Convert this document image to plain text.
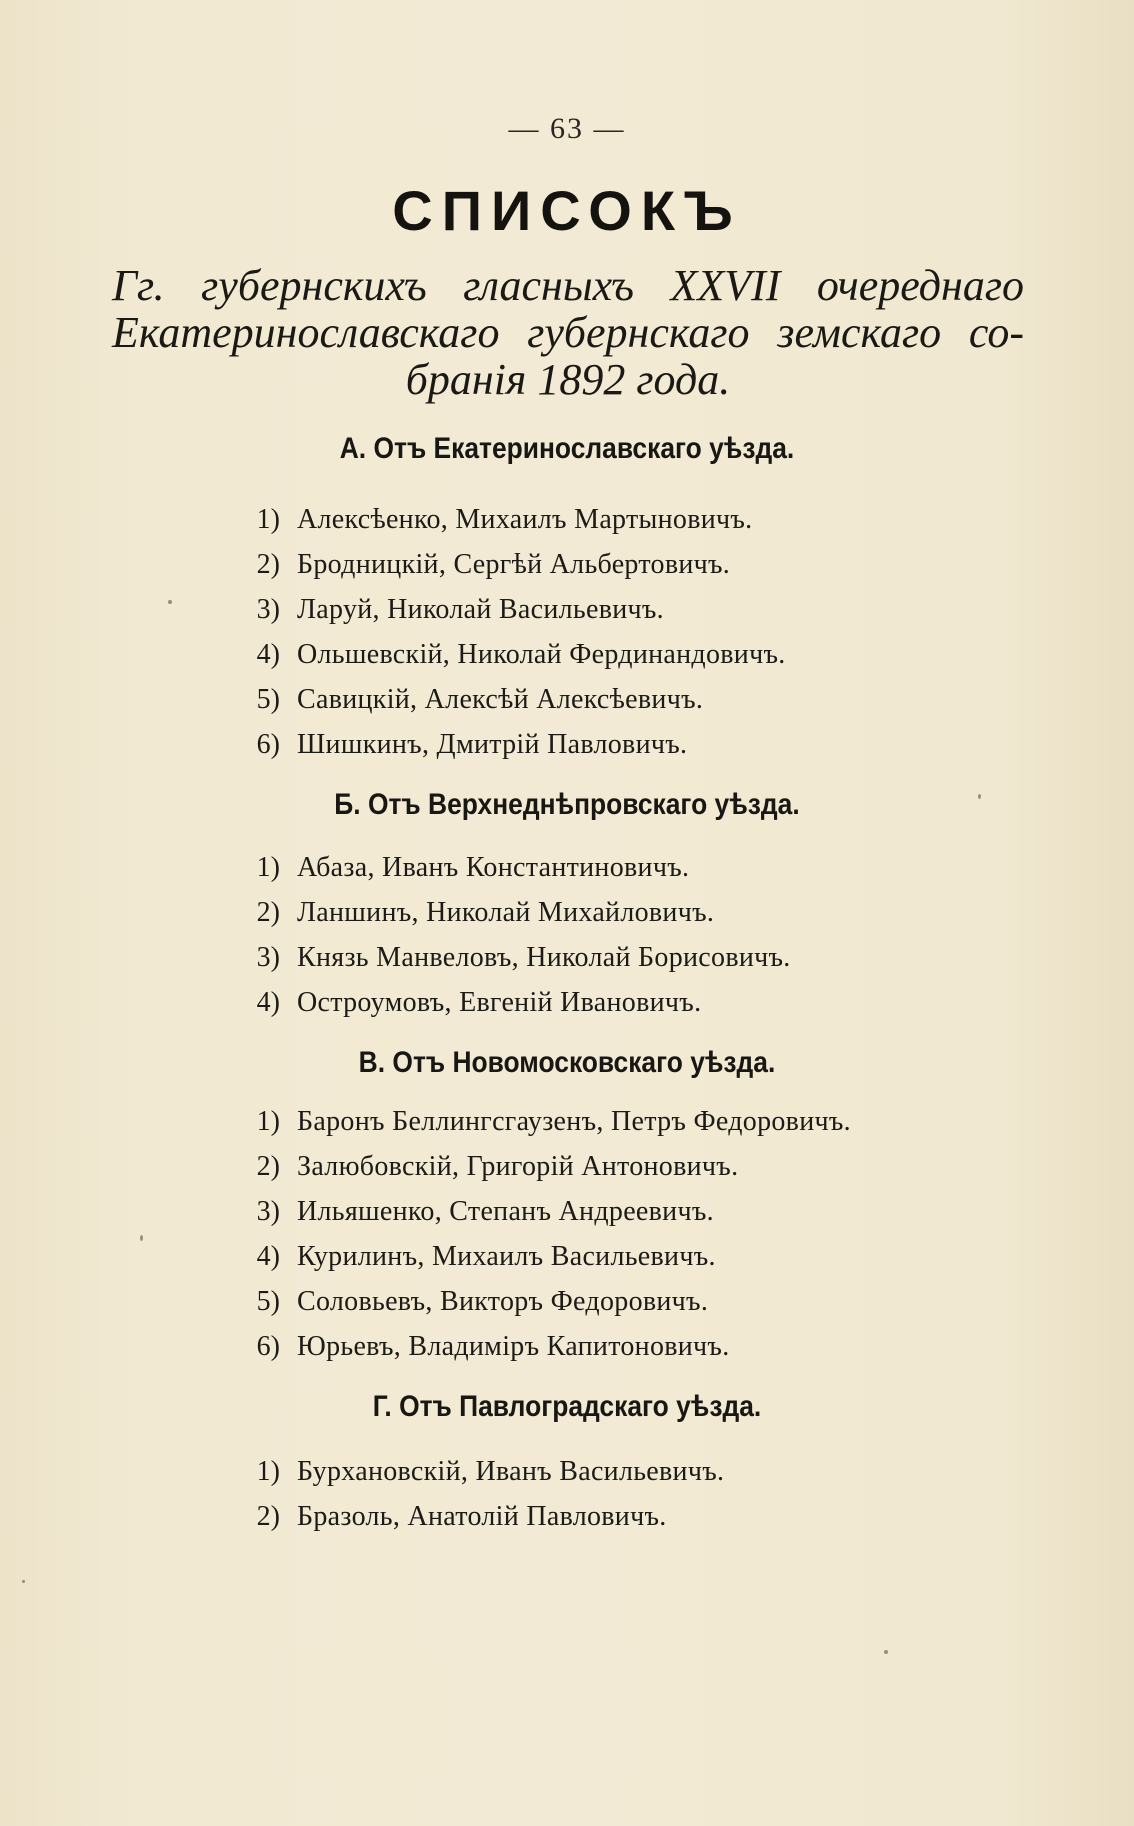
— 63 —
СПИСОКЪ
Гг. губернскихъ гласныхъ XXVII очереднаго
Екатеринославскаго губернскаго земскаго со-
бранія 1892 года.
А. Отъ Екатеринославскаго уѣзда.
1) Алексѣенко, Михаилъ Мартыновичъ.
2) Бродницкій, Сергѣй Альбертовичъ.
3) Ларуй, Николай Васильевичъ.
4) Ольшевскій, Николай Фердинандовичъ.
5) Савицкій, Алексѣй Алексѣевичъ.
6) Шишкинъ, Дмитрій Павловичъ.
Б. Отъ Верхнеднѣпровскаго уѣзда.
1) Абаза, Иванъ Константиновичъ.
2) Ланшинъ, Николай Михайловичъ.
3) Князь Манвеловъ, Николай Борисовичъ.
4) Остроумовъ, Евгеній Ивановичъ.
В. Отъ Новомосковскаго уѣзда.
1) Баронъ Беллингсгаузенъ, Петръ Федоровичъ.
2) Залюбовскій, Григорій Антоновичъ.
3) Ильяшенко, Степанъ Андреевичъ.
4) Курилинъ, Михаилъ Васильевичъ.
5) Соловьевъ, Викторъ Федоровичъ.
6) Юрьевъ, Владиміръ Капитоновичъ.
Г. Отъ Павлоградскаго уѣзда.
1) Бурхановскій, Иванъ Васильевичъ.
2) Бразоль, Анатолій Павловичъ.
